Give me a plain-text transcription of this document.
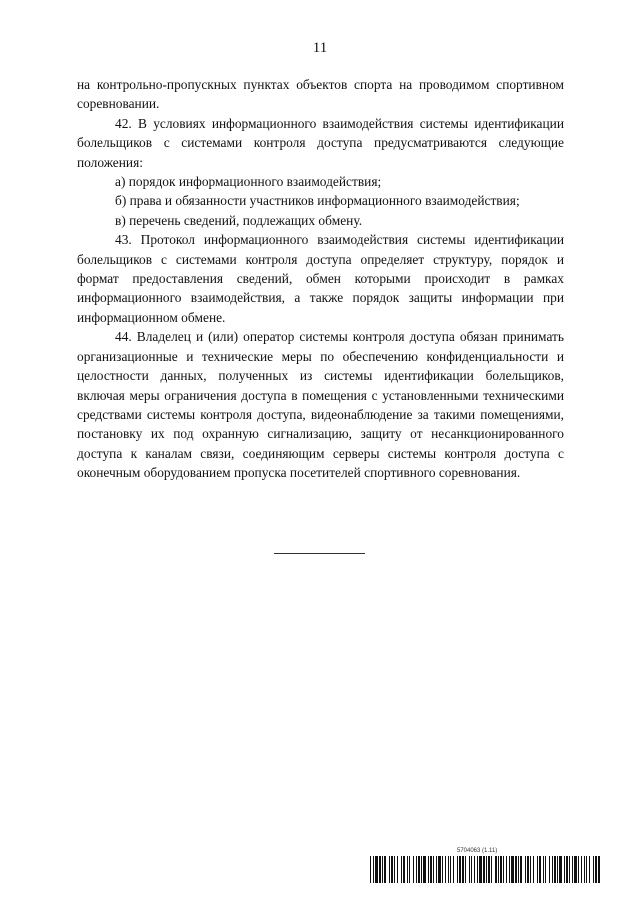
11

на контрольно-пропускных пунктах объектов спорта на проводимом спортивном соревновании.

42. В условиях информационного взаимодействия системы идентификации болельщиков с системами контроля доступа предусматриваются следующие положения:

а) порядок информационного взаимодействия;

б) права и обязанности участников информационного взаимодействия;

в) перечень сведений, подлежащих обмену.

43. Протокол информационного взаимодействия системы идентификации болельщиков с системами контроля доступа определяет структуру, порядок и формат предоставления сведений, обмен которыми происходит в рамках информационного взаимодействия, а также порядок защиты информации при информационном обмене.

44. Владелец и (или) оператор системы контроля доступа обязан принимать организационные и технические меры по обеспечению конфиденциальности и целостности данных, полученных из системы идентификации болельщиков, включая меры ограничения доступа в помещения с установленными техническими средствами системы контроля доступа, видеонаблюдение за такими помещениями, постановку их под охранную сигнализацию, защиту от несанкционированного доступа к каналам связи, соединяющим серверы системы контроля доступа с оконечным оборудованием пропуска посетителей спортивного соревнования.

5704063 (1.11)
